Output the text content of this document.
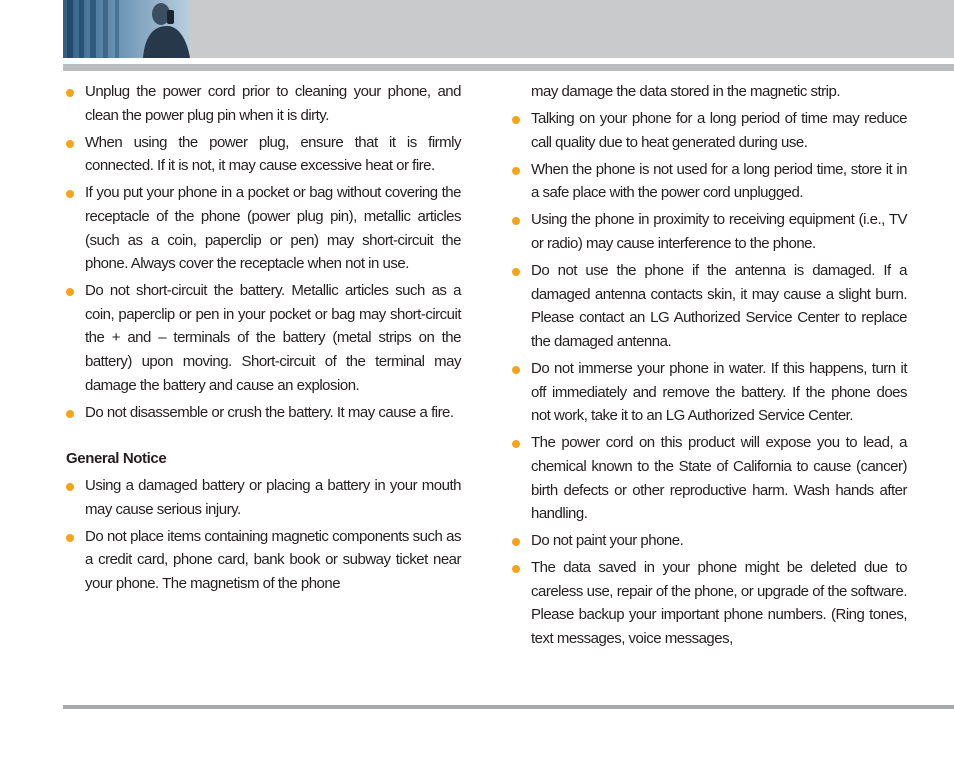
Unplug the power cord prior to cleaning your phone, and clean the power plug pin when it is dirty.
When using the power plug, ensure that it is firmly connected. If it is not, it may cause excessive heat or fire.
If you put your phone in a pocket or bag without covering the receptacle of the phone (power plug pin), metallic articles (such as a coin, paperclip or pen) may short-circuit the phone. Always cover the receptacle when not in use.
Do not short-circuit the battery. Metallic articles such as a coin, paperclip or pen in your pocket or bag may short-circuit the + and – terminals of the battery (metal strips on the battery) upon moving. Short-circuit of the terminal may damage the battery and cause an explosion.
Do not disassemble or crush the battery. It may cause a fire.
General Notice
Using a damaged battery or placing a battery in your mouth may cause serious injury.
Do not place items containing magnetic components such as a credit card, phone card, bank book or subway ticket near your phone. The magnetism of the phone

may damage the data stored in the magnetic strip.

Talking on your phone for a long period of time may reduce call quality due to heat generated during use.
When the phone is not used for a long period time, store it in a safe place with the power cord unplugged.
Using the phone in proximity to receiving equipment (i.e., TV or radio) may cause interference to the phone.
Do not use the phone if the antenna is damaged. If a damaged antenna contacts skin, it may cause a slight burn. Please contact an LG Authorized Service Center to replace the damaged antenna.
Do not immerse your phone in water. If this happens, turn it off immediately and remove the battery. If the phone does not work, take it to an LG Authorized Service Center.
The power cord on this product will expose you to lead, a chemical known to the State of California to cause (cancer) birth defects or other reproductive harm. Wash hands after handling.
Do not paint your phone.
The data saved in your phone might be deleted due to careless use, repair of the phone, or upgrade of the software. Please backup your important phone numbers. (Ring tones, text messages, voice messages,
